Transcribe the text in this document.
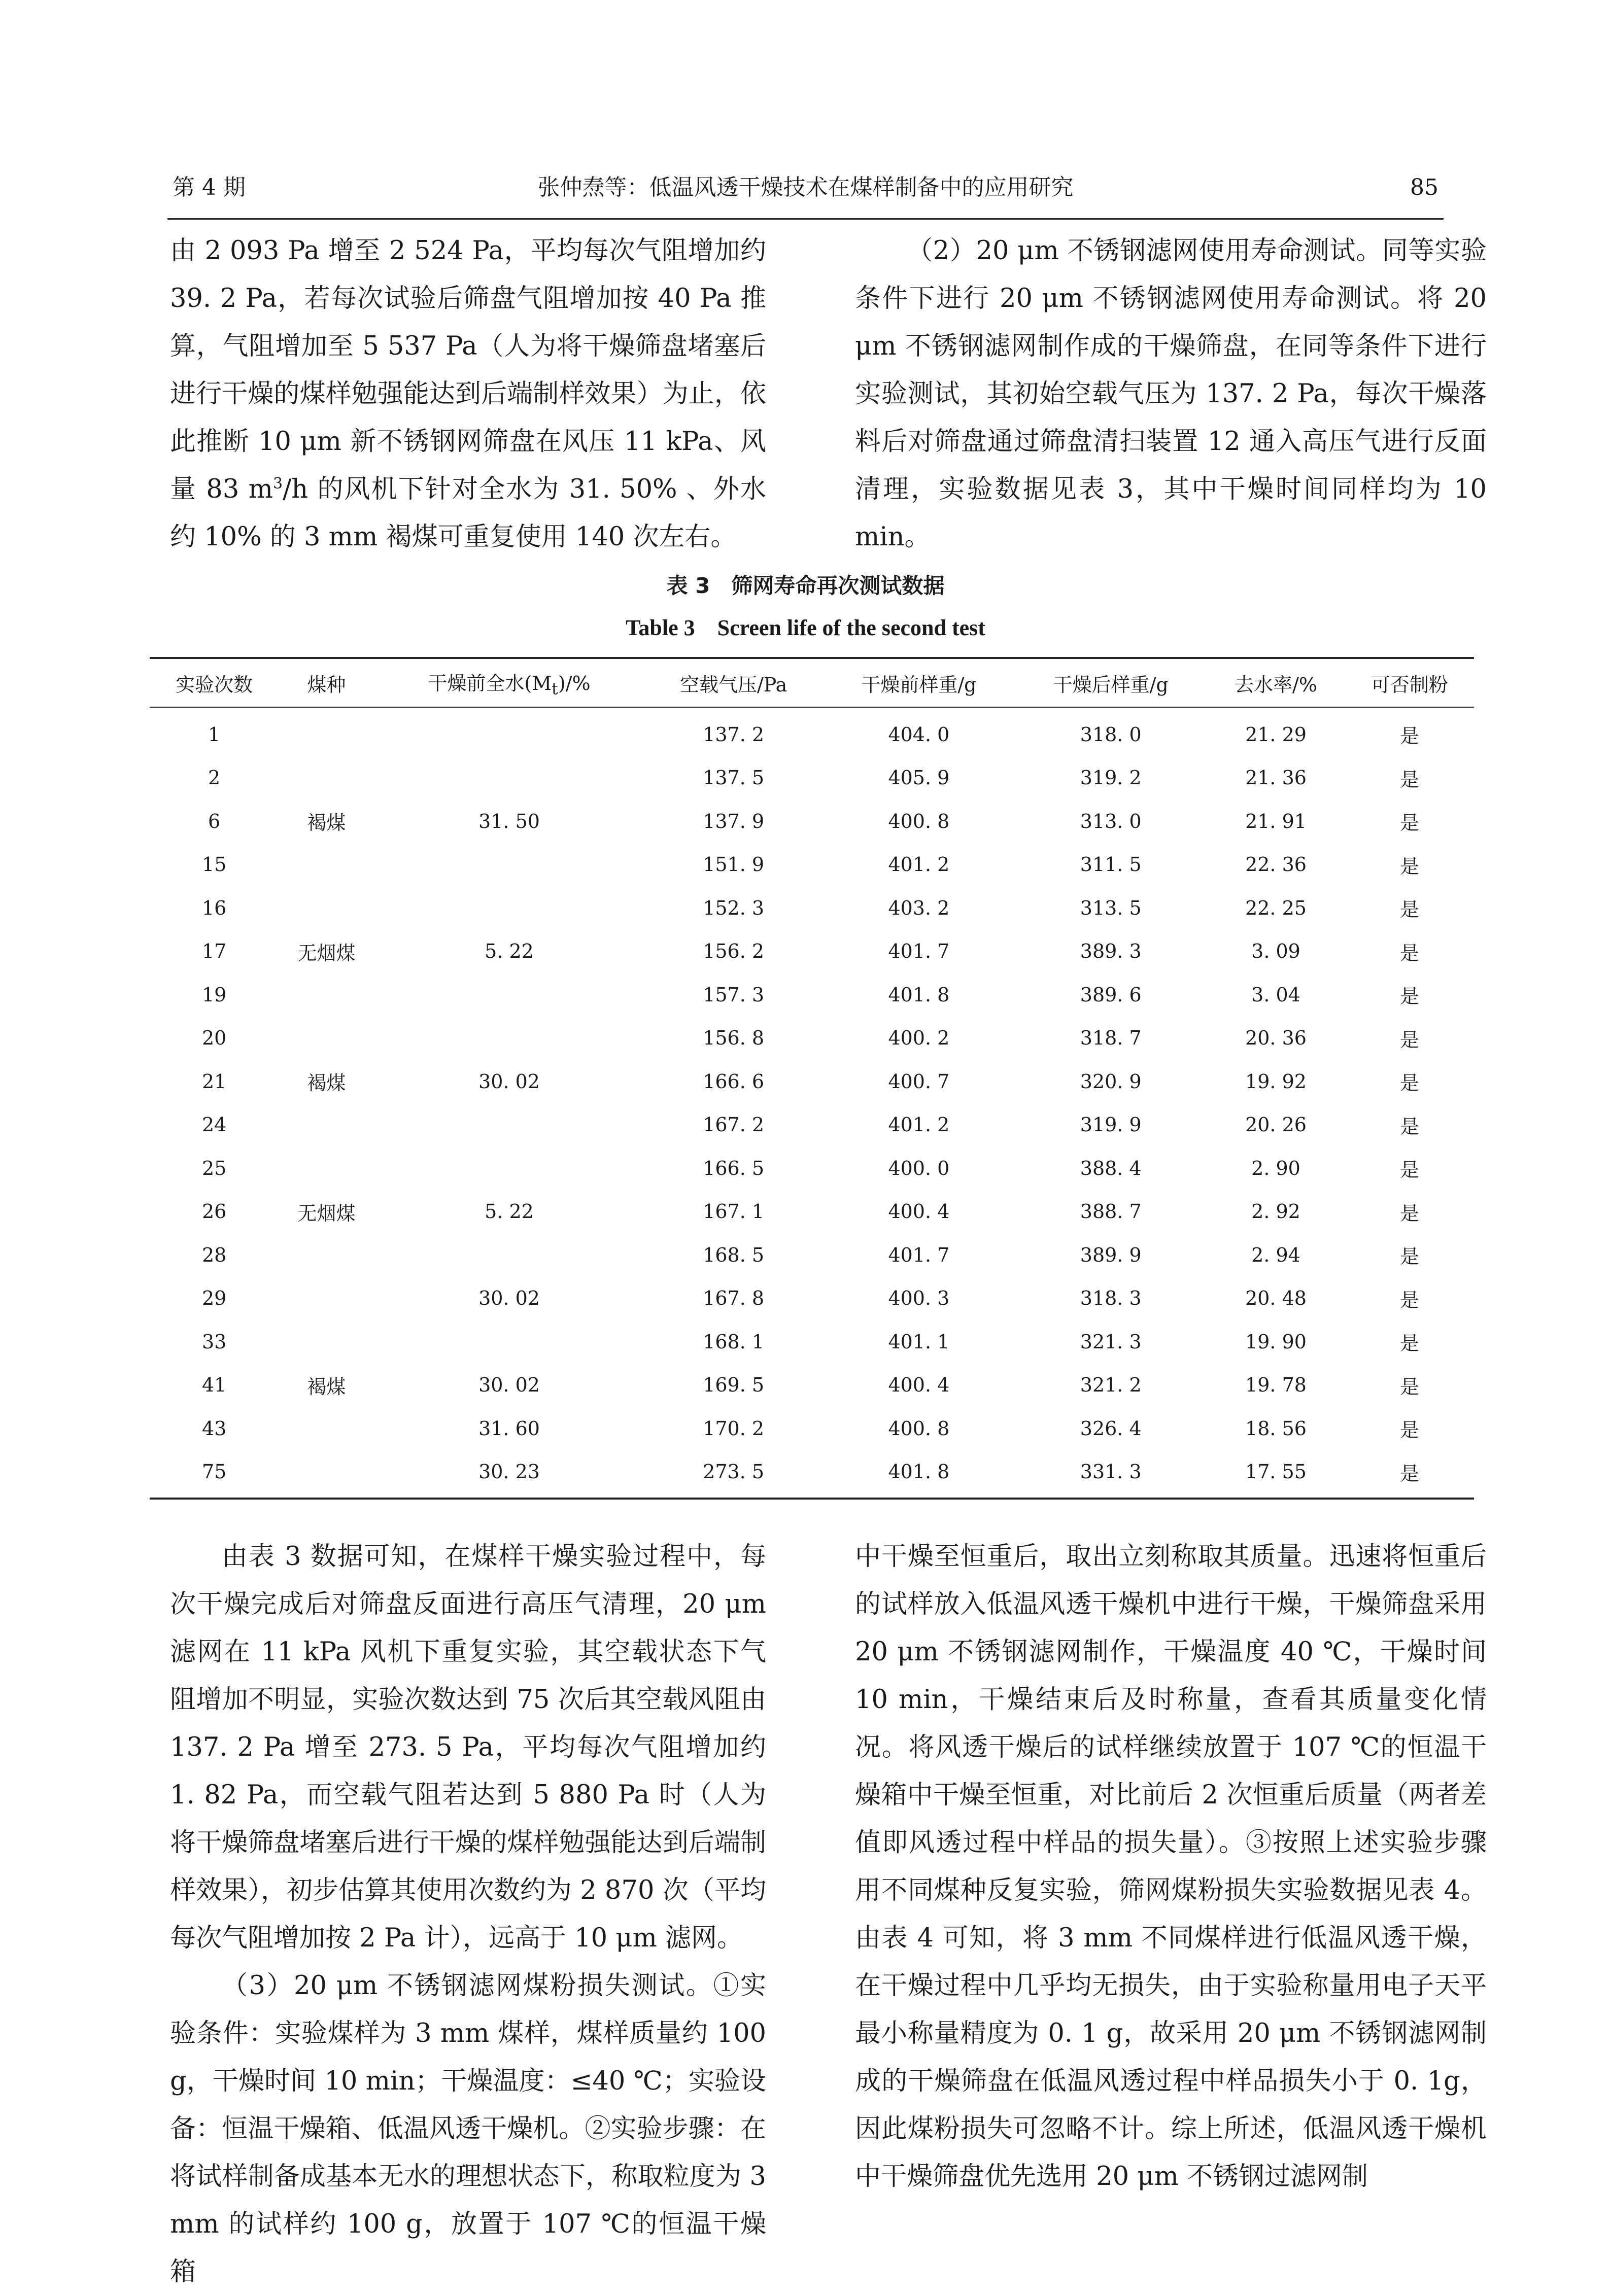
第 4 期	张仲焘等：低温风透干燥技术在煤样制备中的应用研究	85

由 2 093 Pa 增至 2 524 Pa，平均每次气阻增加约 39. 2 Pa，若每次试验后筛盘气阻增加按 40 Pa 推算，气阻增加至 5 537 Pa（人为将干燥筛盘堵塞后进行干燥的煤样勉强能达到后端制样效果）为止，依此推断 10 μm 新不锈钢网筛盘在风压 11 kPa、风量 83 $m^3/h$ 的风机下针对全水为 31. 50% 、外水约 10% 的 3 mm 褐煤可重复使用 140 次左右。

（2）20 μm 不锈钢滤网使用寿命测试。同等实验条件下进行 20 μm 不锈钢滤网使用寿命测试。将 20 μm 不锈钢滤网制作成的干燥筛盘，在同等条件下进行实验测试，其初始空载气压为 137. 2 Pa，每次干燥落料后对筛盘通过筛盘清扫装置 12 通入高压气进行反面清理，实验数据见表 3，其中干燥时间同样均为 10 min。

表 3　筛网寿命再次测试数据
Table 3　Screen life of the second test
实验次数	煤种	干燥前全水$(M_t)/\%$	空载气压/Pa	干燥前样重/g	干燥后样重/g	去水率/%	可否制粉
1			137. 2	404. 0	318. 0	21. 29	是
2			137. 5	405. 9	319. 2	21. 36	是
6	褐煤	31. 50	137. 9	400. 8	313. 0	21. 91	是
15			151. 9	401. 2	311. 5	22. 36	是
16			152. 3	403. 2	313. 5	22. 25	是
17	无烟煤	5. 22	156. 2	401. 7	389. 3	3. 09	是
19			157. 3	401. 8	389. 6	3. 04	是
20			156. 8	400. 2	318. 7	20. 36	是
21	褐煤	30. 02	166. 6	400. 7	320. 9	19. 92	是
24			167. 2	401. 2	319. 9	20. 26	是
25			166. 5	400. 0	388. 4	2. 90	是
26	无烟煤	5. 22	167. 1	400. 4	388. 7	2. 92	是
28			168. 5	401. 7	389. 9	2. 94	是
29		30. 02	167. 8	400. 3	318. 3	20. 48	是
33			168. 1	401. 1	321. 3	19. 90	是
41	褐煤	30. 02	169. 5	400. 4	321. 2	19. 78	是
43		31. 60	170. 2	400. 8	326. 4	18. 56	是
75		30. 23	273. 5	401. 8	331. 3	17. 55	是

由表 3 数据可知，在煤样干燥实验过程中，每次干燥完成后对筛盘反面进行高压气清理，20 μm 滤网在 11 kPa 风机下重复实验，其空载状态下气阻增加不明显，实验次数达到 75 次后其空载风阻由 137. 2 Pa 增至 273. 5 Pa，平均每次气阻增加约 1. 82 Pa，而空载气阻若达到 5 880 Pa 时（人为将干燥筛盘堵塞后进行干燥的煤样勉强能达到后端制样效果），初步估算其使用次数约为 2 870 次（平均每次气阻增加按 2 Pa 计），远高于 10 μm 滤网。

（3）20 μm 不锈钢滤网煤粉损失测试。①实验条件：实验煤样为 3 mm 煤样，煤样质量约 100 g，干燥时间 10 min；干燥温度：≤40 ℃；实验设备：恒温干燥箱、低温风透干燥机。②实验步骤：在将试样制备成基本无水的理想状态下，称取粒度为 3 mm 的试样约 100 g，放置于 107 ℃的恒温干燥箱

中干燥至恒重后，取出立刻称取其质量。迅速将恒重后的试样放入低温风透干燥机中进行干燥，干燥筛盘采用 20 μm 不锈钢滤网制作，干燥温度 40 ℃，干燥时间 10 min，干燥结束后及时称量，查看其质量变化情况。将风透干燥后的试样继续放置于 107 ℃的恒温干燥箱中干燥至恒重，对比前后 2 次恒重后质量（两者差值即风透过程中样品的损失量）。③按照上述实验步骤用不同煤种反复实验，筛网煤粉损失实验数据见表 4。由表 4 可知，将 3 mm 不同煤样进行低温风透干燥，在干燥过程中几乎均无损失，由于实验称量用电子天平最小称量精度为 0. 1 g，故采用 20 μm 不锈钢滤网制成的干燥筛盘在低温风透过程中样品损失小于 0. 1g，因此煤粉损失可忽略不计。综上所述，低温风透干燥机中干燥筛盘优先选用 20 μm 不锈钢过滤网制
